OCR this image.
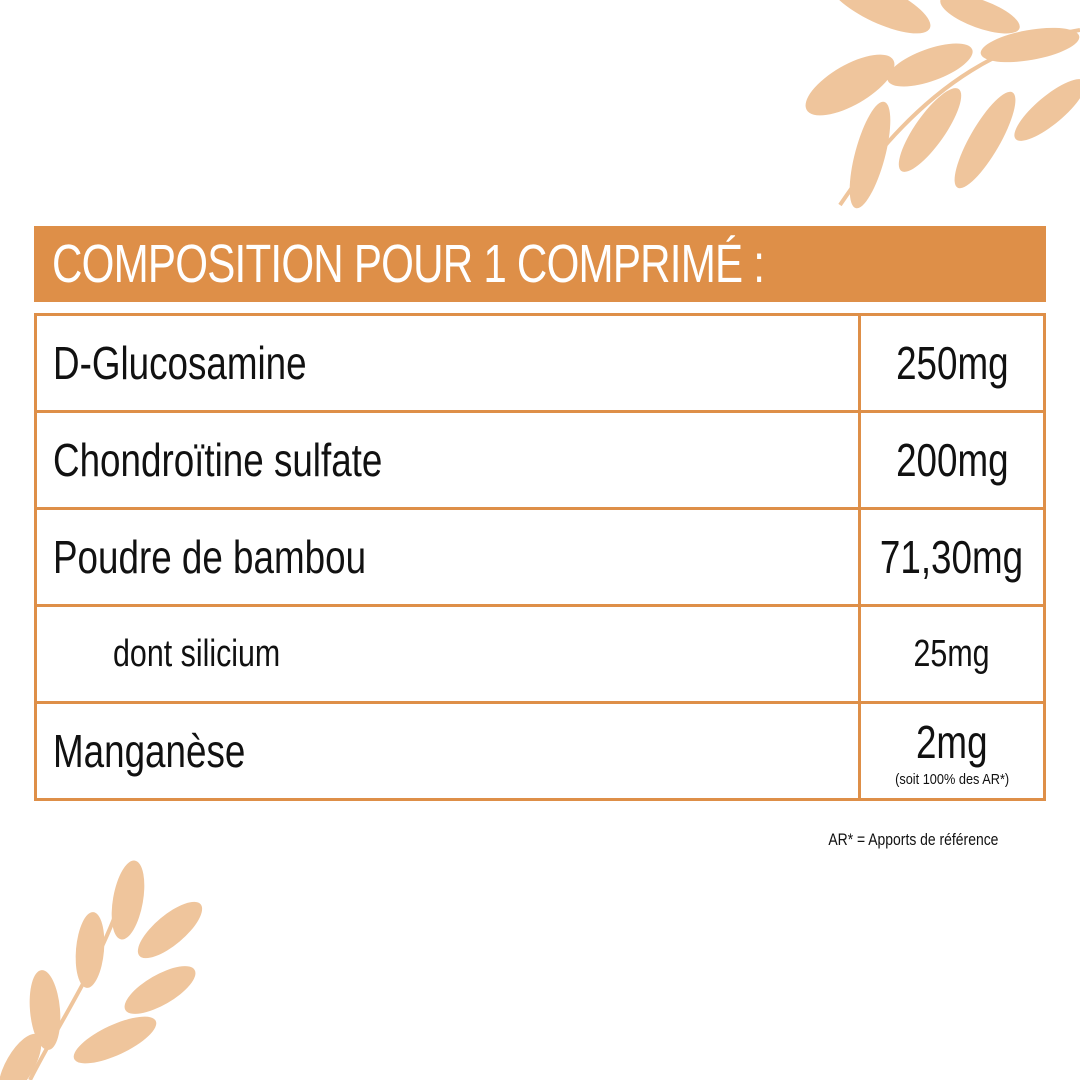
COMPOSITION POUR 1 COMPRIMÉ :
D-Glucosamine	250mg
Chondroïtine sulfate	200mg
Poudre de bambou	71,30mg
dont silicium	25mg
Manganèse	2mg
(soit 100% des AR*)
AR* = Apports de référence
